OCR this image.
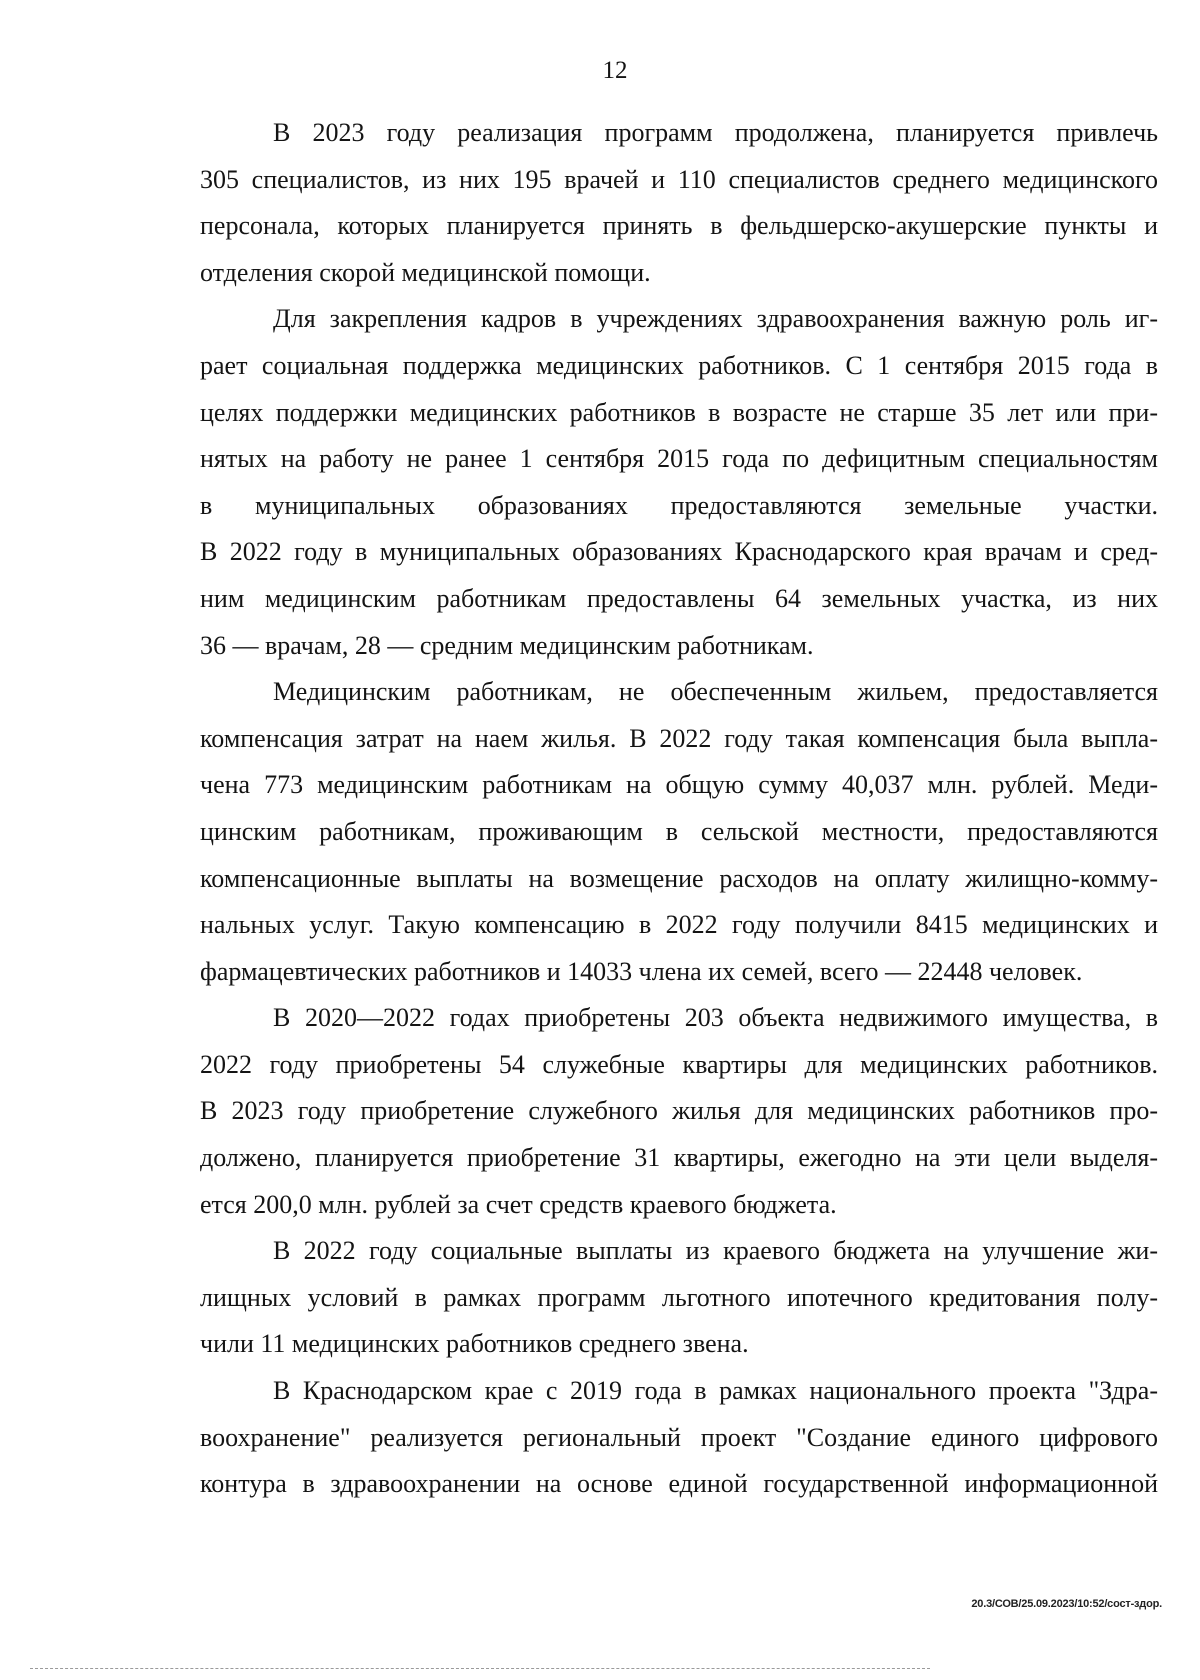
12

В 2023 году реализация программ продолжена, планируется привлечь
305 специалистов, из них 195 врачей и 110 специалистов среднего медицинского
персонала, которых планируется принять в фельдшерско-акушерские пункты и
отделения скорой медицинской помощи.

Для закрепления кадров в учреждениях здравоохранения важную роль иг-
рает социальная поддержка медицинских работников. С 1 сентября 2015 года в
целях поддержки медицинских работников в возрасте не старше 35 лет или при-
нятых на работу не ранее 1 сентября 2015 года по дефицитным специальностям
в муниципальных образованиях предоставляются земельные участки.
В 2022 году в муниципальных образованиях Краснодарского края врачам и сред-
ним медицинским работникам предоставлены 64 земельных участка, из них
36 — врачам, 28 — средним медицинским работникам.

Медицинским работникам, не обеспеченным жильем, предоставляется
компенсация затрат на наем жилья. В 2022 году такая компенсация была выпла-
чена 773 медицинским работникам на общую сумму 40,037 млн. рублей. Меди-
цинским работникам, проживающим в сельской местности, предоставляются
компенсационные выплаты на возмещение расходов на оплату жилищно-комму-
нальных услуг. Такую компенсацию в 2022 году получили 8415 медицинских и
фармацевтических работников и 14033 члена их семей, всего — 22448 человек.

В 2020—2022 годах приобретены 203 объекта недвижимого имущества, в
2022 году приобретены 54 служебные квартиры для медицинских работников.
В 2023 году приобретение служебного жилья для медицинских работников про-
должено, планируется приобретение 31 квартиры, ежегодно на эти цели выделя-
ется 200,0 млн. рублей за счет средств краевого бюджета.

В 2022 году социальные выплаты из краевого бюджета на улучшение жи-
лищных условий в рамках программ льготного ипотечного кредитования полу-
чили 11 медицинских работников среднего звена.

В Краснодарском крае с 2019 года в рамках национального проекта "Здра-
воохранение" реализуется региональный проект "Создание единого цифрового
контура в здравоохранении на основе единой государственной информационной

20.3/СОВ/25.09.2023/10:52/сост-здор.
